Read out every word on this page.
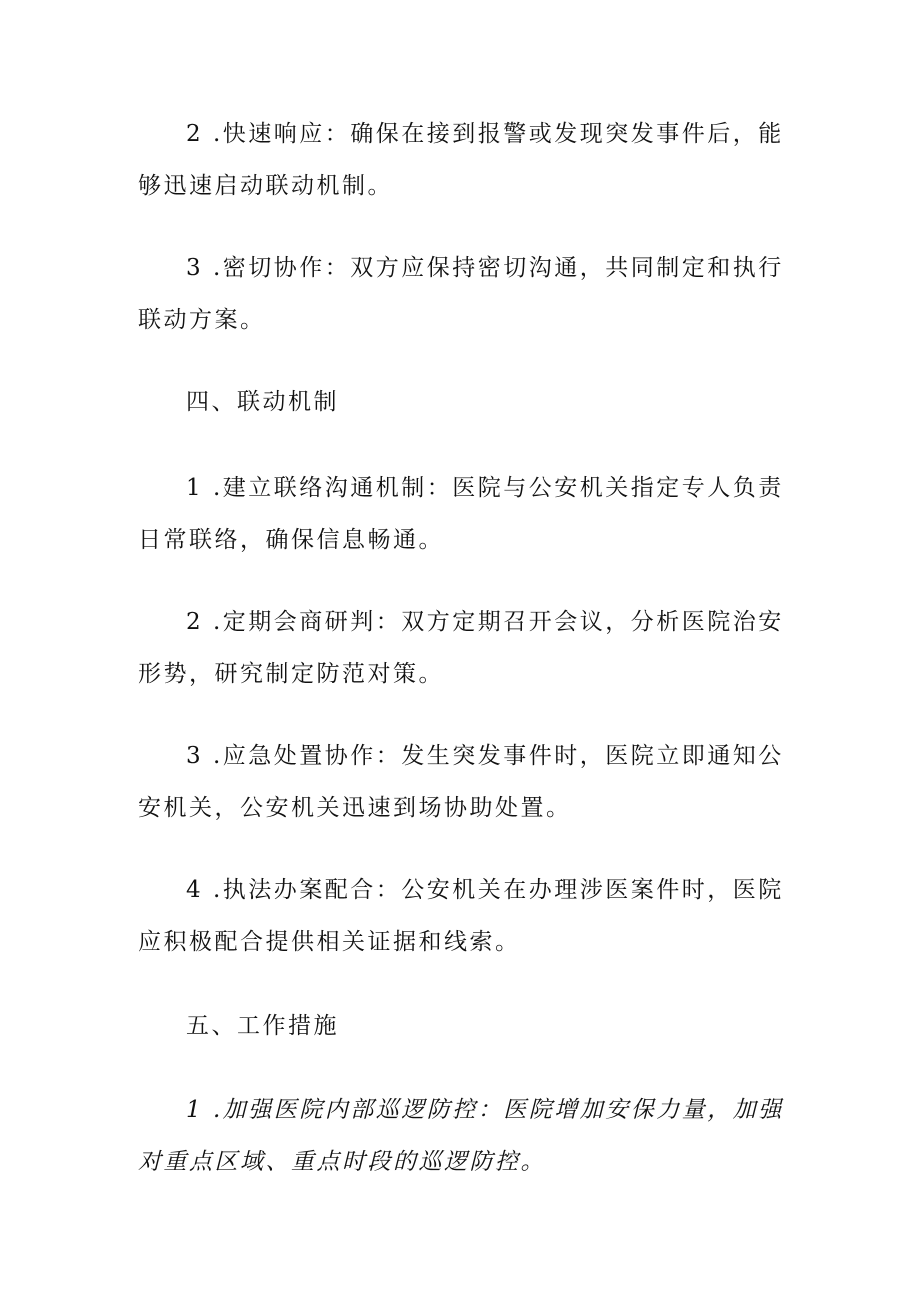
2 .快速响应：确保在接到报警或发现突发事件后，能够迅速启动联动机制。

3 .密切协作：双方应保持密切沟通，共同制定和执行联动方案。

四、联动机制

1 .建立联络沟通机制：医院与公安机关指定专人负责日常联络，确保信息畅通。

2 .定期会商研判：双方定期召开会议，分析医院治安形势，研究制定防范对策。

3 .应急处置协作：发生突发事件时，医院立即通知公安机关，公安机关迅速到场协助处置。

4 .执法办案配合：公安机关在办理涉医案件时，医院应积极配合提供相关证据和线索。

五、工作措施

1 .加强医院内部巡逻防控：医院增加安保力量，加强对重点区域、重点时段的巡逻防控。
